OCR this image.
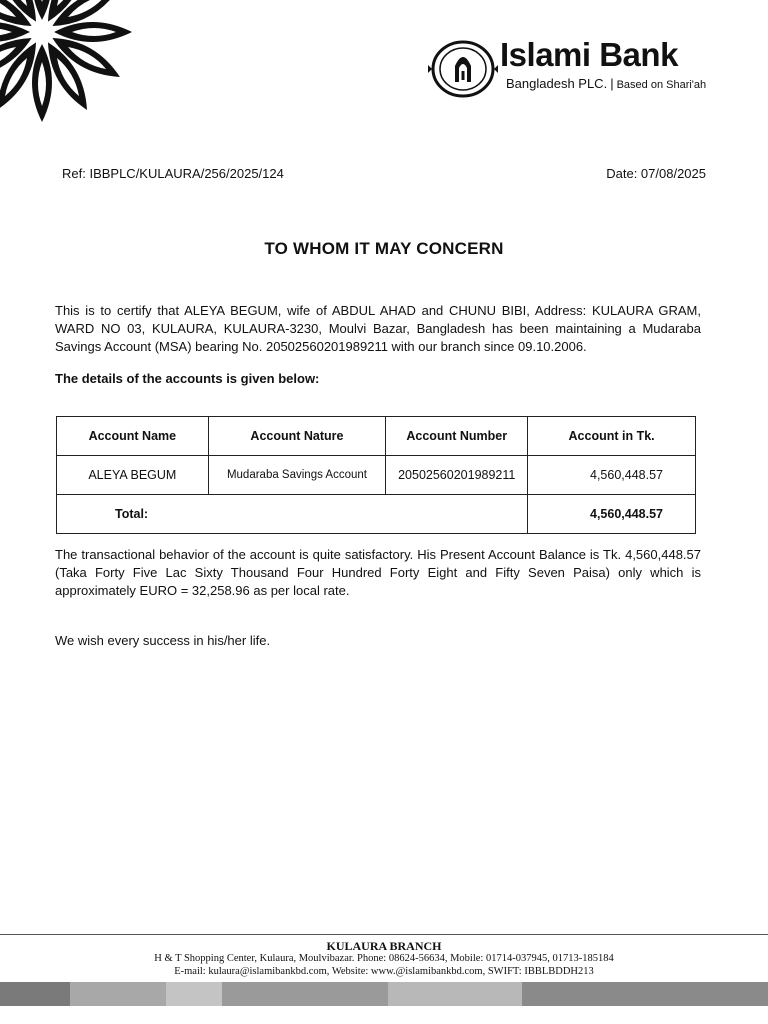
Islami Bank
Bangladesh PLC. | Based on Shari'ah
Ref: IBBPLC/KULAURA/256/2025/124	Date: 07/08/2025
TO WHOM IT MAY CONCERN
This is to certify that ALEYA BEGUM, wife of ABDUL AHAD and CHUNU BIBI, Address: KULAURA GRAM, WARD NO 03, KULAURA, KULAURA-3230, Moulvi Bazar, Bangladesh has been maintaining a Mudaraba Savings Account (MSA) bearing No. 20502560201989211 with our branch since 09.10.2006.
The details of the accounts is given below:
Account Name	Account Nature	Account Number	Account in Tk.
ALEYA BEGUM	Mudaraba Savings Account	20502560201989211	4,560,448.57
Total:			4,560,448.57
The transactional behavior of the account is quite satisfactory. His Present Account Balance is Tk. 4,560,448.57 (Taka Forty Five Lac Sixty Thousand Four Hundred Forty Eight and Fifty Seven Paisa) only which is approximately EURO = 32,258.96 as per local rate.
We wish every success in his/her life.
KULAURA BRANCH
H & T Shopping Center, Kulaura, Moulvibazar. Phone: 08624-56634, Mobile: 01714-037945, 01713-185184
E-mail: kulaura@islamibankbd.com, Website: www.@islamibankbd.com, SWIFT: IBBLBDDH213
